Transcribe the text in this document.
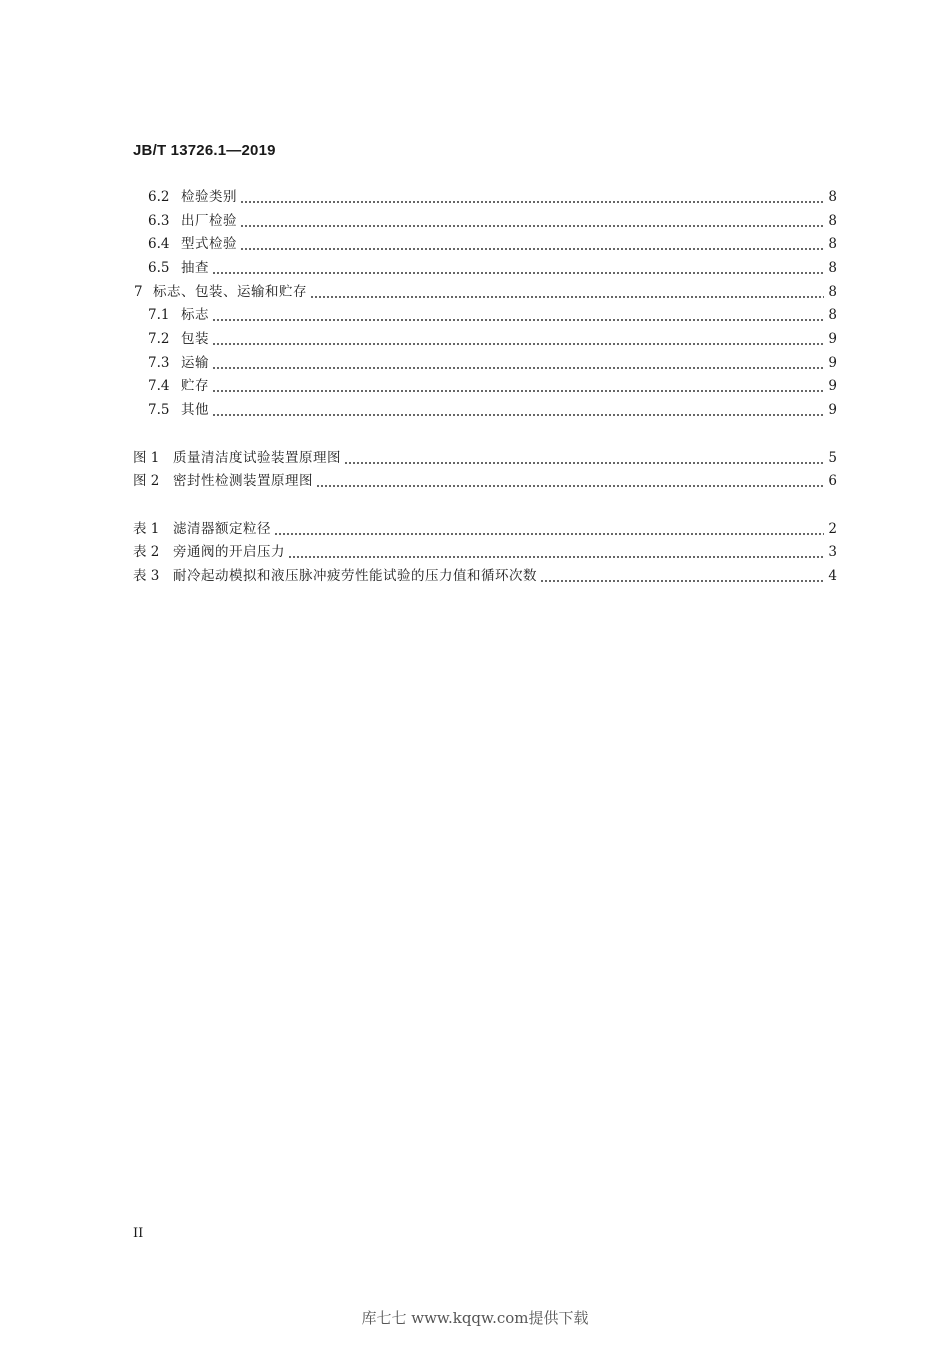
JB/T 13726.1—2019
6.2 检验类别	8
6.3 出厂检验	8
6.4 型式检验	8
6.5 抽查	8
7 标志、包装、运输和贮存	8
7.1 标志	8
7.2 包装	9
7.3 运输	9
7.4 贮存	9
7.5 其他	9
图 1	质量清洁度试验装置原理图	5
图 2	密封性检测装置原理图	6
表 1	滤清器额定粒径	2
表 2	旁通阀的开启压力	3
表 3	耐冷起动模拟和液压脉冲疲劳性能试验的压力值和循环次数	4
II
库七七 www.kqqw.com提供下载
